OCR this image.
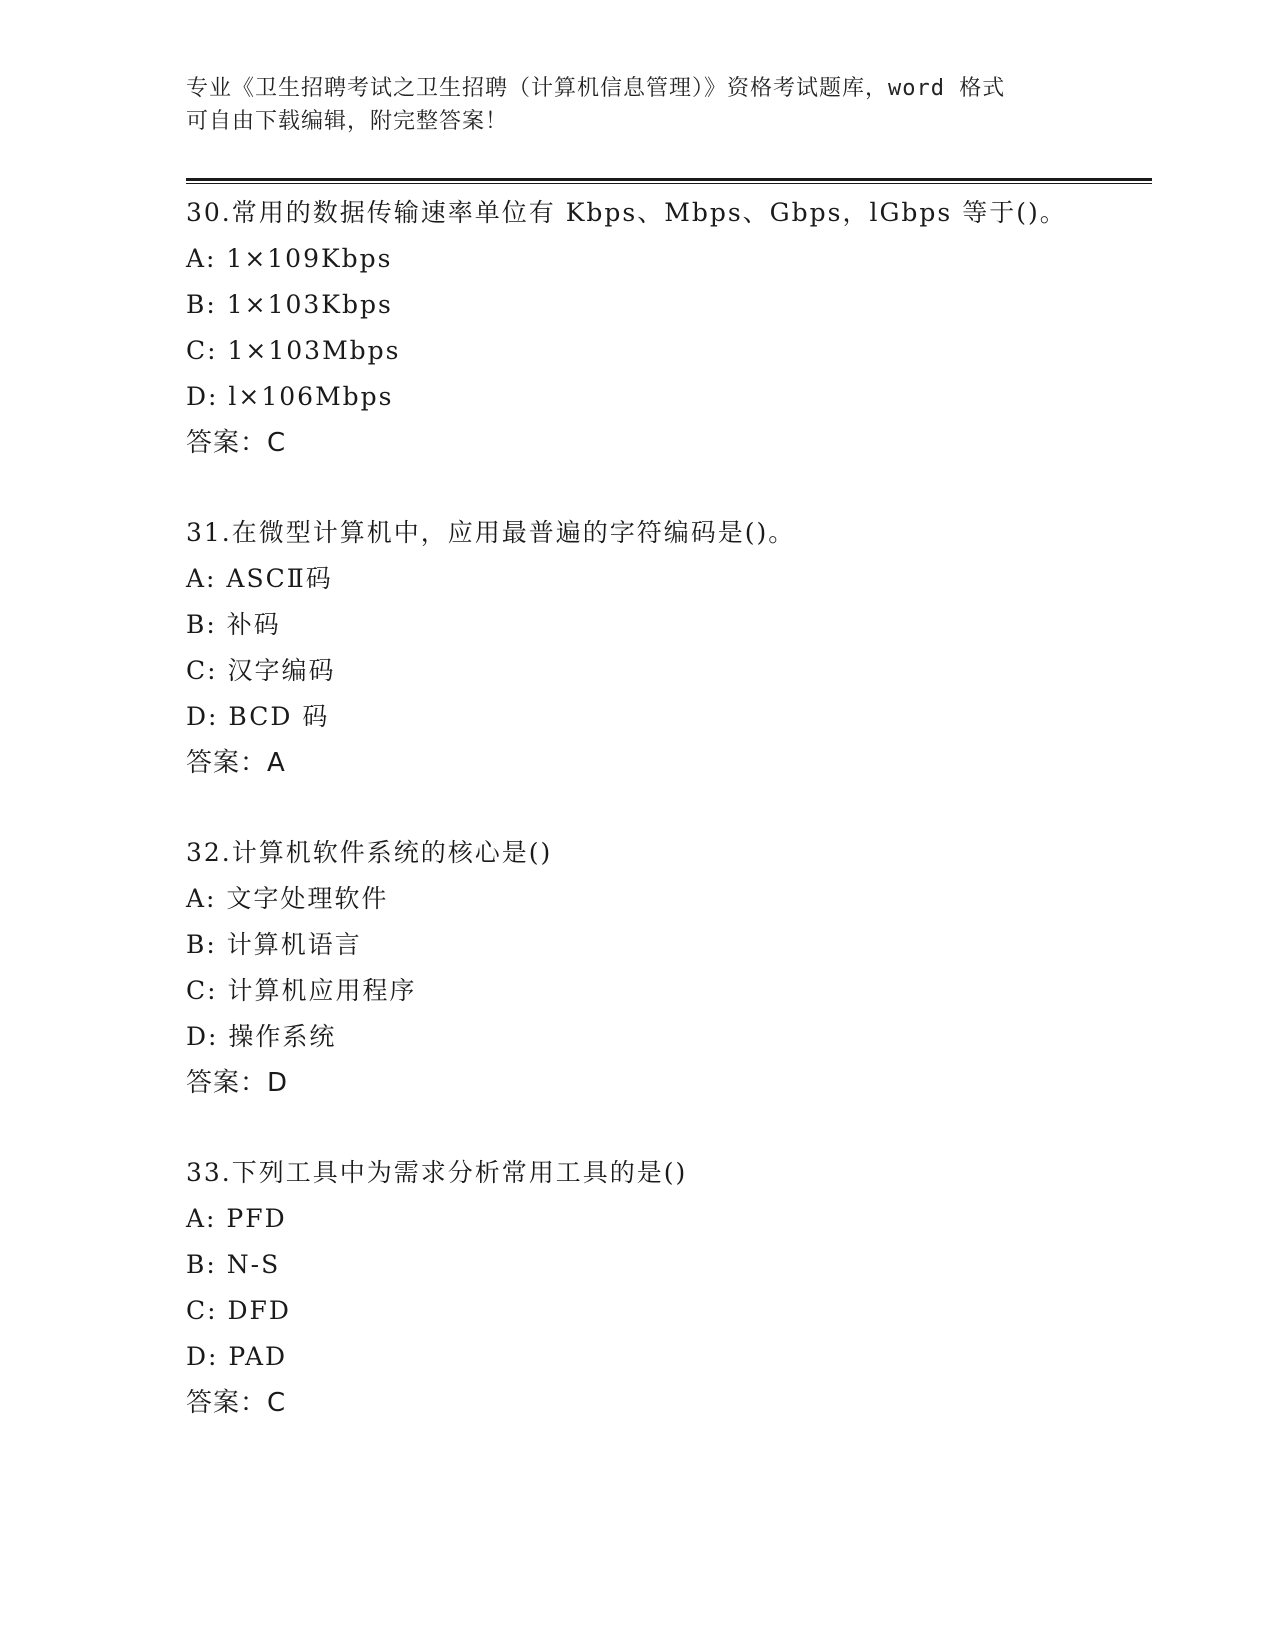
专业《卫生招聘考试之卫生招聘（计算机信息管理）》资格考试题库，word 格式
可自由下载编辑，附完整答案！
30.常用的数据传输速率单位有 Kbps、Mbps、Gbps，lGbps 等于()。
A: 1×109Kbps
B: 1×103Kbps
C: 1×103Mbps
D: l×106Mbps
答案：C
31.在微型计算机中，应用最普遍的字符编码是()。
A: ASCⅡ码
B: 补码
C: 汉字编码
D: BCD 码
答案：A
32.计算机软件系统的核心是()
A: 文字处理软件
B: 计算机语言
C: 计算机应用程序
D: 操作系统
答案：D
33.下列工具中为需求分析常用工具的是()
A: PFD
B: N-S
C: DFD
D: PAD
答案：C
